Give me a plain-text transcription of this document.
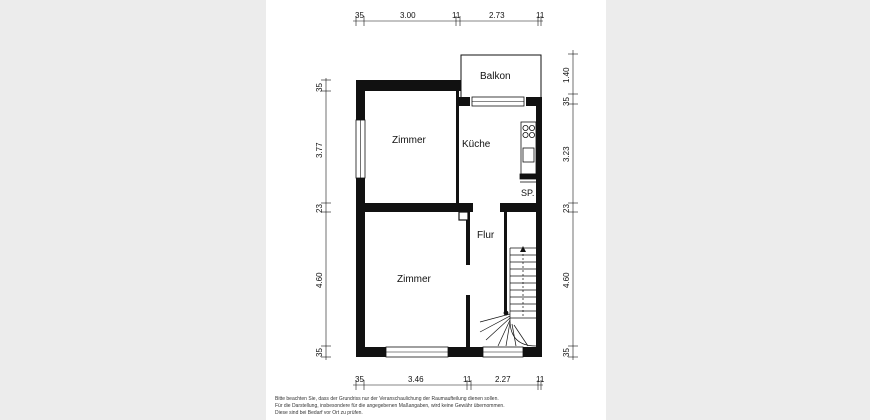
35	3.00	11	2.73	11
35
3.77
23
4.60
35
1.40
35
3.23
23
4.60
35
35	3.46	11	2.27	11
Balkon
Zimmer	Küche
SP.
Flur
Zimmer
Bitte beachten Sie, dass der Grundriss nur der Veranschaulichung der Raumaufteilung dienen sollen.
Für die Darstellung, insbesondere für die angegebenen Maßangaben, wird keine Gewähr übernommen.
Diese sind bei Bedarf vor Ort zu prüfen.
